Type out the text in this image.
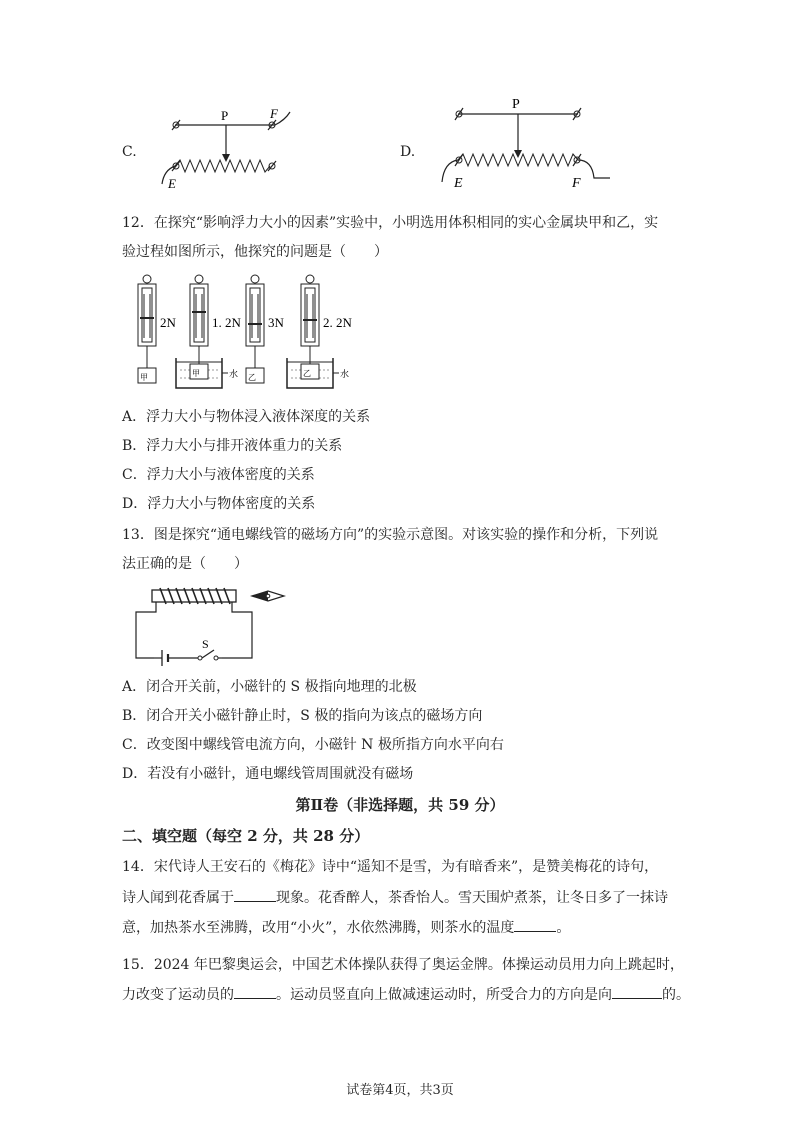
C.
P	F
E
D.
P
E	F
12．在探究“影响浮力大小的因素”实验中，小明选用体积相同的实心金属块甲和乙，实
验过程如图所示，他探究的问题是（　　）
甲
2N
甲	水
1. 2N
乙
3N
乙	水
2. 2N
A．浮力大小与物体浸入液体深度的关系
B．浮力大小与排开液体重力的关系
C．浮力大小与液体密度的关系
D．浮力大小与物体密度的关系
13．图是探究“通电螺线管的磁场方向”的实验示意图。对该实验的操作和分析，下列说
法正确的是（　　）
S
A．闭合开关前，小磁针的 S 极指向地理的北极
B．闭合开关小磁针静止时，S 极的指向为该点的磁场方向
C．改变图中螺线管电流方向，小磁针 N 极所指方向水平向右
D．若没有小磁针，通电螺线管周围就没有磁场
第Ⅱ卷（非选择题，共 59 分）
二、填空题（每空 2 分，共 28 分）
14．宋代诗人王安石的《梅花》诗中“遥知不是雪，为有暗香来”，是赞美梅花的诗句，
诗人闻到花香属于	现象。花香醉人，茶香怡人。雪天围炉煮茶，让冬日多了一抹诗
意，加热茶水至沸腾，改用“小火”，水依然沸腾，则茶水的温度	。
15．2024 年巴黎奥运会，中国艺术体操队获得了奥运金牌。体操运动员用力向上跳起时，
力改变了运动员的	。运动员竖直向上做减速运动时，所受合力的方向是向	的。
试卷第4页，共3页
